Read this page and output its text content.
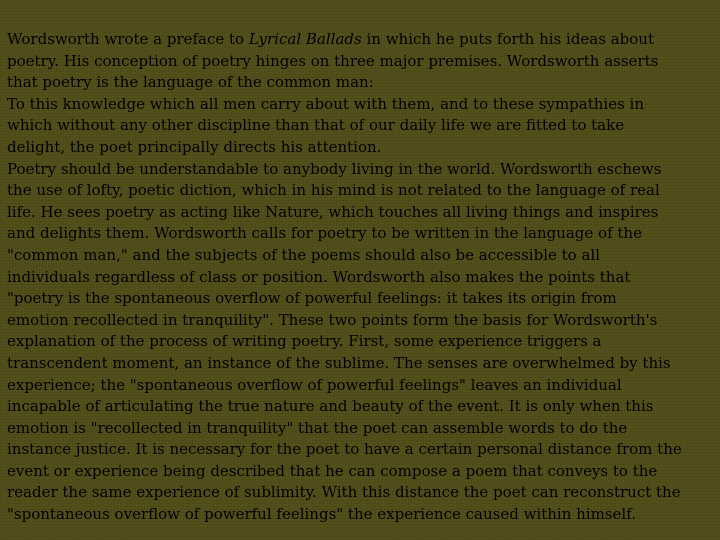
Wordsworth wrote a preface to Lyrical Ballads in which he puts forth his ideas about
poetry. His conception of poetry hinges on three major premises. Wordsworth asserts
that poetry is the language of the common man:

To this knowledge which all men carry about with them, and to these sympathies in
which without any other discipline than that of our daily life we are fitted to take
delight, the poet principally directs his attention.

Poetry should be understandable to anybody living in the world. Wordsworth eschews
the use of lofty, poetic diction, which in his mind is not related to the language of real
life. He sees poetry as acting like Nature, which touches all living things and inspires
and delights them. Wordsworth calls for poetry to be written in the language of the
"common man," and the subjects of the poems should also be accessible to all
individuals regardless of class or position. Wordsworth also makes the points that
"poetry is the spontaneous overflow of powerful feelings: it takes its origin from
emotion recollected in tranquility". These two points form the basis for Wordsworth's
explanation of the process of writing poetry. First, some experience triggers a
transcendent moment, an instance of the sublime. The senses are overwhelmed by this
experience; the "spontaneous overflow of powerful feelings" leaves an individual
incapable of articulating the true nature and beauty of the event. It is only when this
emotion is "recollected in tranquility" that the poet can assemble words to do the
instance justice. It is necessary for the poet to have a certain personal distance from the
event or experience being described that he can compose a poem that conveys to the
reader the same experience of sublimity. With this distance the poet can reconstruct the
"spontaneous overflow of powerful feelings" the experience caused within himself.
